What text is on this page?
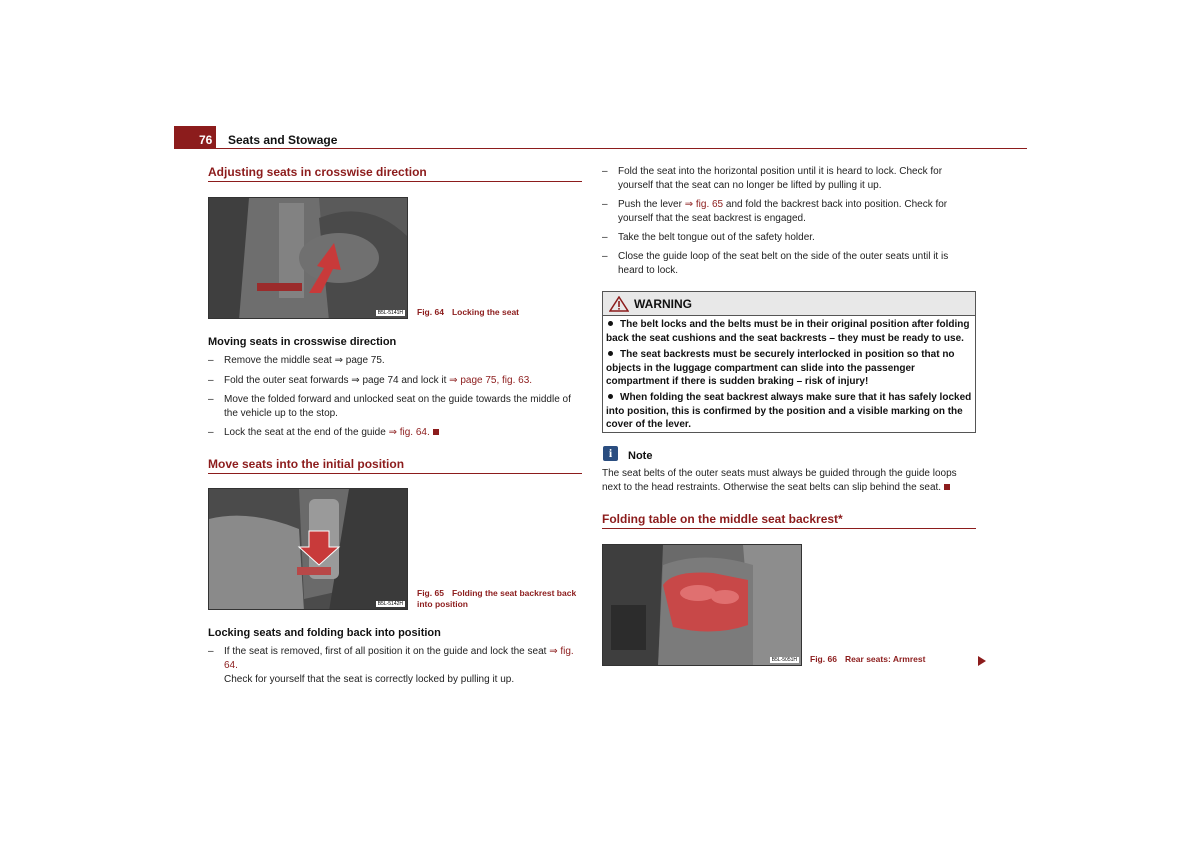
76	Seats and Stowage
Adjusting seats in crosswise direction
B5L-5141H Fig. 64 Locking the seat
Moving seats in crosswise direction
– Remove the middle seat ⇒ page 75.
– Fold the outer seat forwards ⇒ page 74 and lock it ⇒ page 75, fig. 63.
– Move the folded forward and unlocked seat on the guide towards the middle of the vehicle up to the stop.
– Lock the seat at the end of the guide ⇒ fig. 64.
Move seats into the initial position
B5L-5142H
Fig. 65 Folding the seat backrest back into position
Locking seats and folding back into position
– If the seat is removed, first of all position it on the guide and lock the seat ⇒ fig. 64.
Check for yourself that the seat is correctly locked by pulling it up.
– Fold the seat into the horizontal position until it is heard to lock. Check for yourself that the seat can no longer be lifted by pulling it up.
– Push the lever ⇒ fig. 65 and fold the backrest back into position. Check for yourself that the seat backrest is engaged.
– Take the belt tongue out of the safety holder.
– Close the guide loop of the seat belt on the side of the outer seats until it is heard to lock.
WARNING
The belt locks and the belts must be in their original position after folding back the seat cushions and the seat backrests – they must be ready to use.
The seat backrests must be securely interlocked in position so that no objects in the luggage compartment can slide into the passenger compartment if there is sudden braking – risk of injury!
When folding the seat backrest always make sure that it has safely locked into position, this is confirmed by the position and a visible marking on the cover of the lever.
i	Note
The seat belts of the outer seats must always be guided through the guide loops next to the head restraints. Otherwise the seat belts can slip behind the seat.
Folding table on the middle seat backrest*
B5L-5051H Fig. 66 Rear seats: Armrest
